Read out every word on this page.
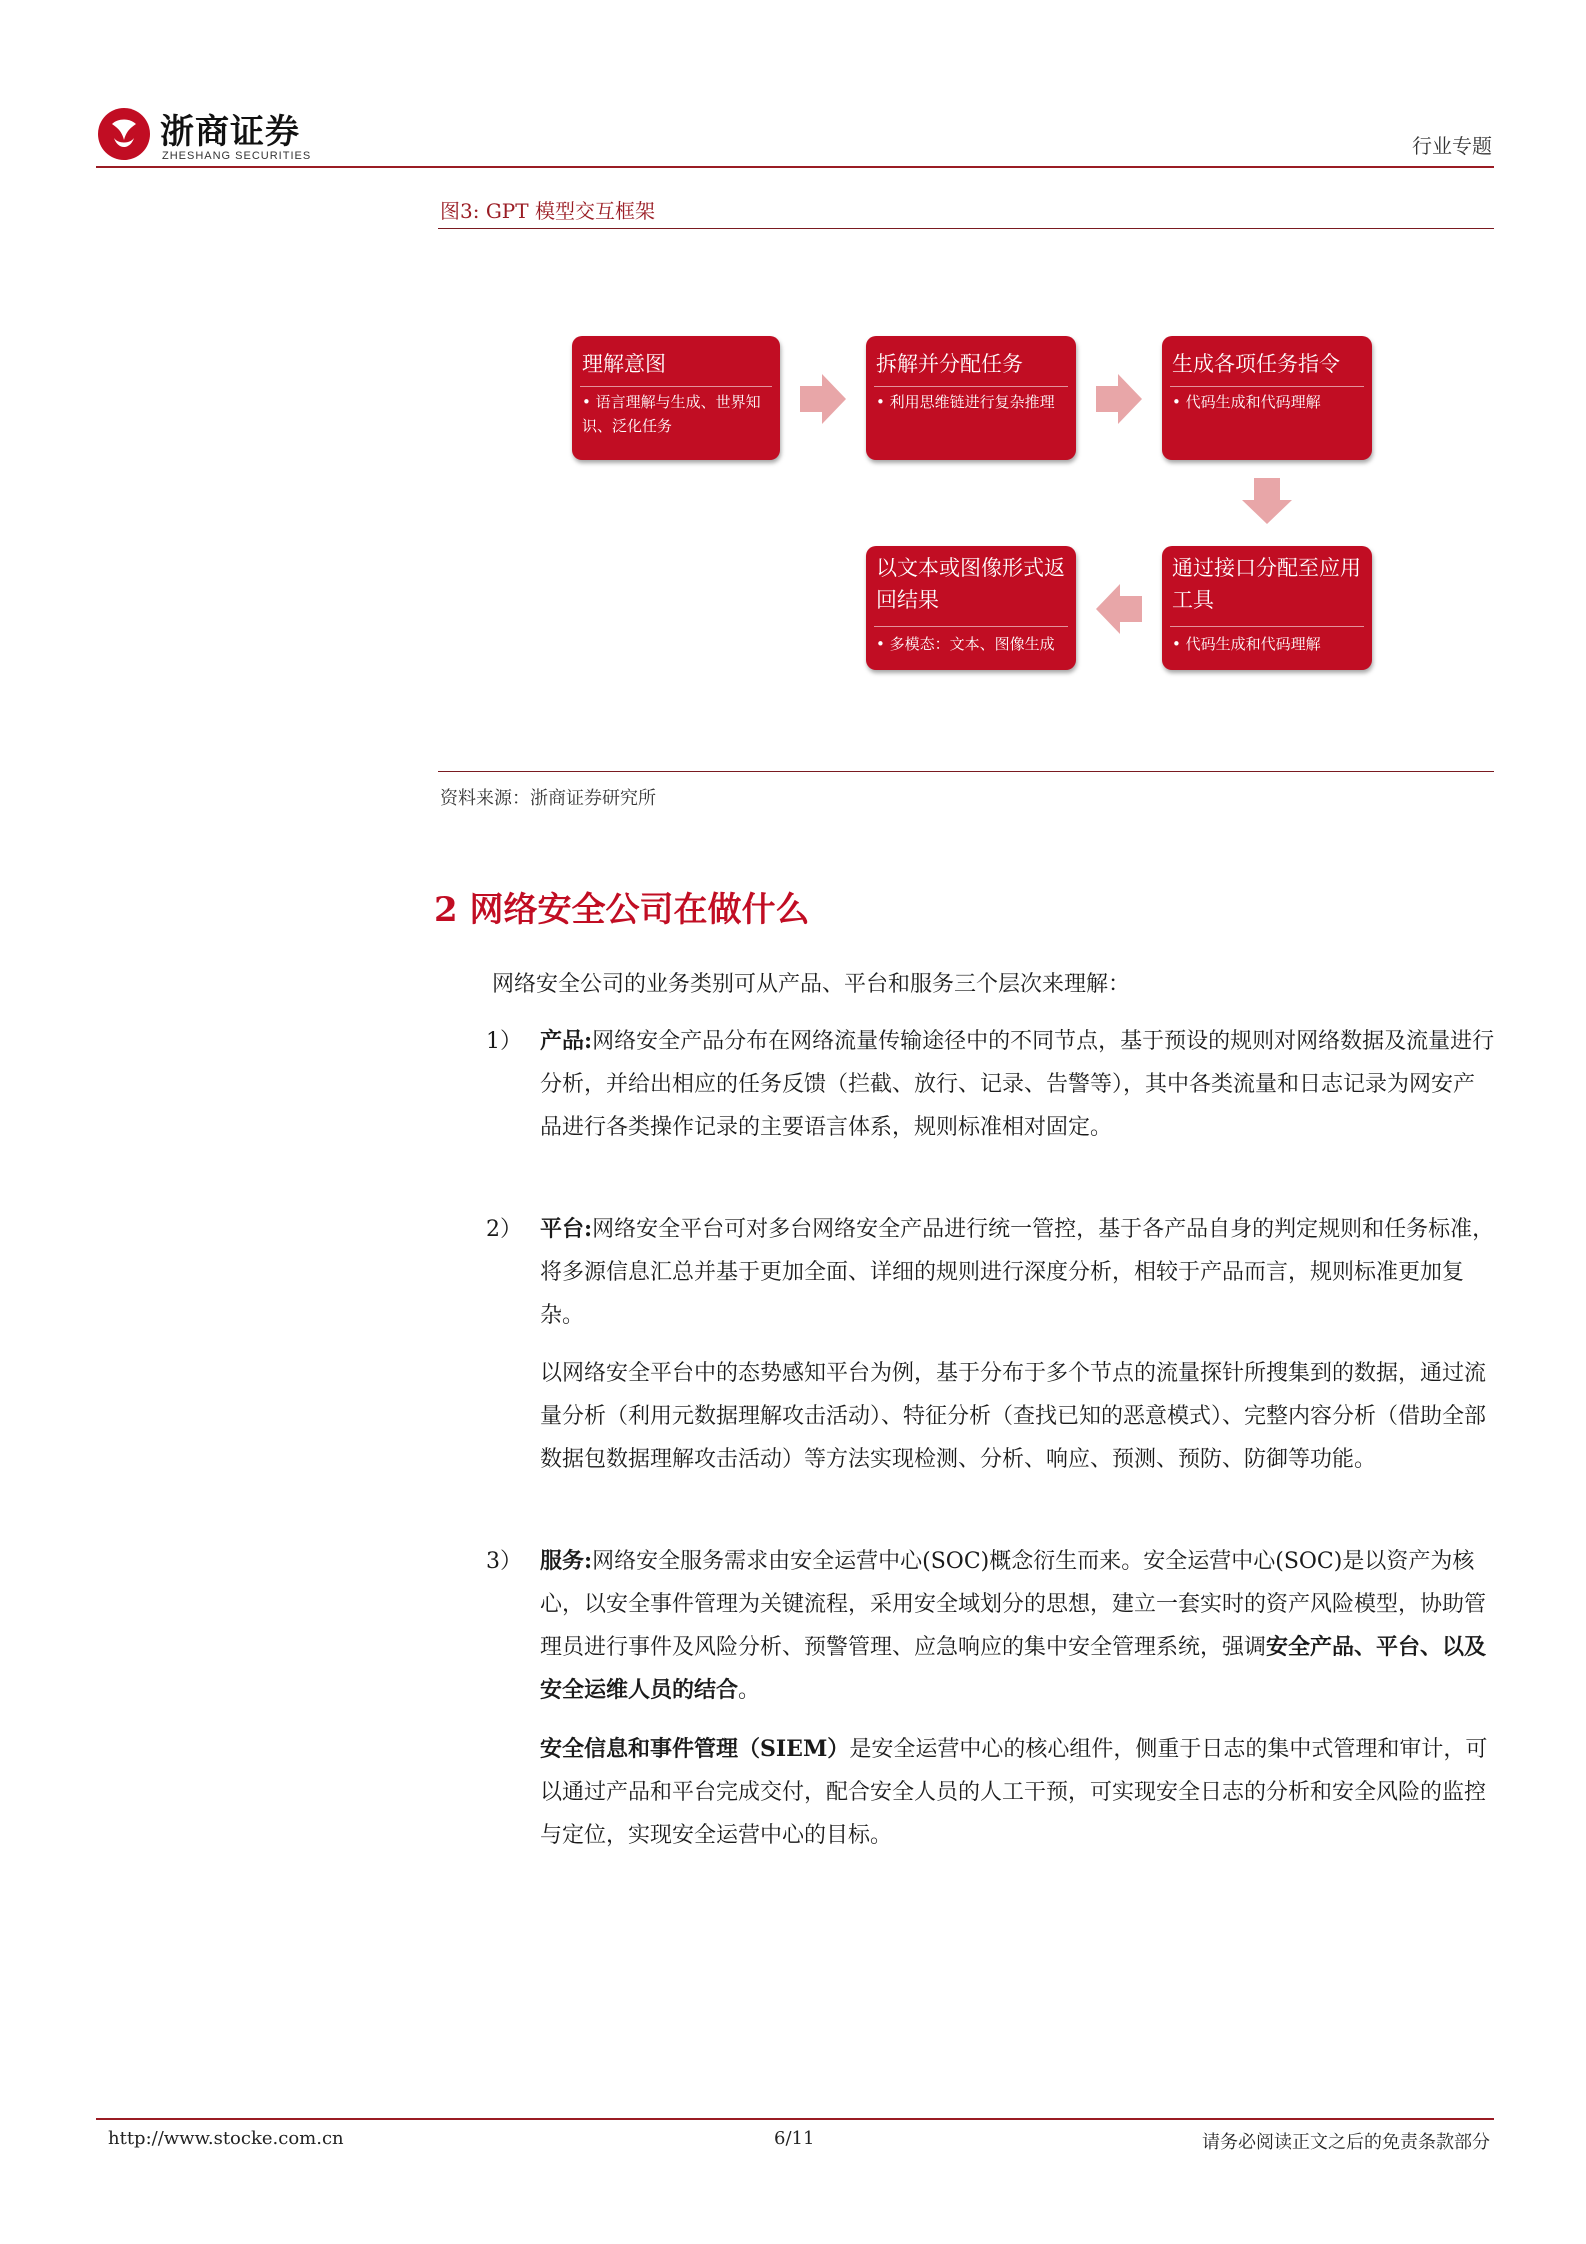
浙商证券
ZHESHANG SECURITIES	行业专题
图3: GPT 模型交互框架
理解意图
• 语言理解与生成、世界知识、泛化任务
拆解并分配任务
• 利用思维链进行复杂推理
生成各项任务指令
• 代码生成和代码理解
通过接口分配至应用工具
• 代码生成和代码理解
以文本或图像形式返回结果
• 多模态：文本、图像生成
资料来源：浙商证券研究所
2 网络安全公司在做什么
网络安全公司的业务类别可从产品、平台和服务三个层次来理解：
1） 产品:网络安全产品分布在网络流量传输途径中的不同节点，基于预设的规则对网络数据及流量进行分析，并给出相应的任务反馈（拦截、放行、记录、告警等），其中各类流量和日志记录为网安产品进行各类操作记录的主要语言体系，规则标准相对固定。
2） 平台:网络安全平台可对多台网络安全产品进行统一管控，基于各产品自身的判定规则和任务标准，将多源信息汇总并基于更加全面、详细的规则进行深度分析，相较于产品而言，规则标准更加复杂。
以网络安全平台中的态势感知平台为例，基于分布于多个节点的流量探针所搜集到的数据，通过流量分析（利用元数据理解攻击活动）、特征分析（查找已知的恶意模式）、完整内容分析（借助全部数据包数据理解攻击活动）等方法实现检测、分析、响应、预测、预防、防御等功能。
3） 服务:网络安全服务需求由安全运营中心(SOC)概念衍生而来。安全运营中心(SOC)是以资产为核心，以安全事件管理为关键流程，采用安全域划分的思想，建立一套实时的资产风险模型，协助管理员进行事件及风险分析、预警管理、应急响应的集中安全管理系统，强调安全产品、平台、以及安全运维人员的结合。
安全信息和事件管理（SIEM）是安全运营中心的核心组件，侧重于日志的集中式管理和审计，可以通过产品和平台完成交付，配合安全人员的人工干预，可实现安全日志的分析和安全风险的监控与定位，实现安全运营中心的目标。
http://www.stocke.com.cn	6/11	请务必阅读正文之后的免责条款部分
